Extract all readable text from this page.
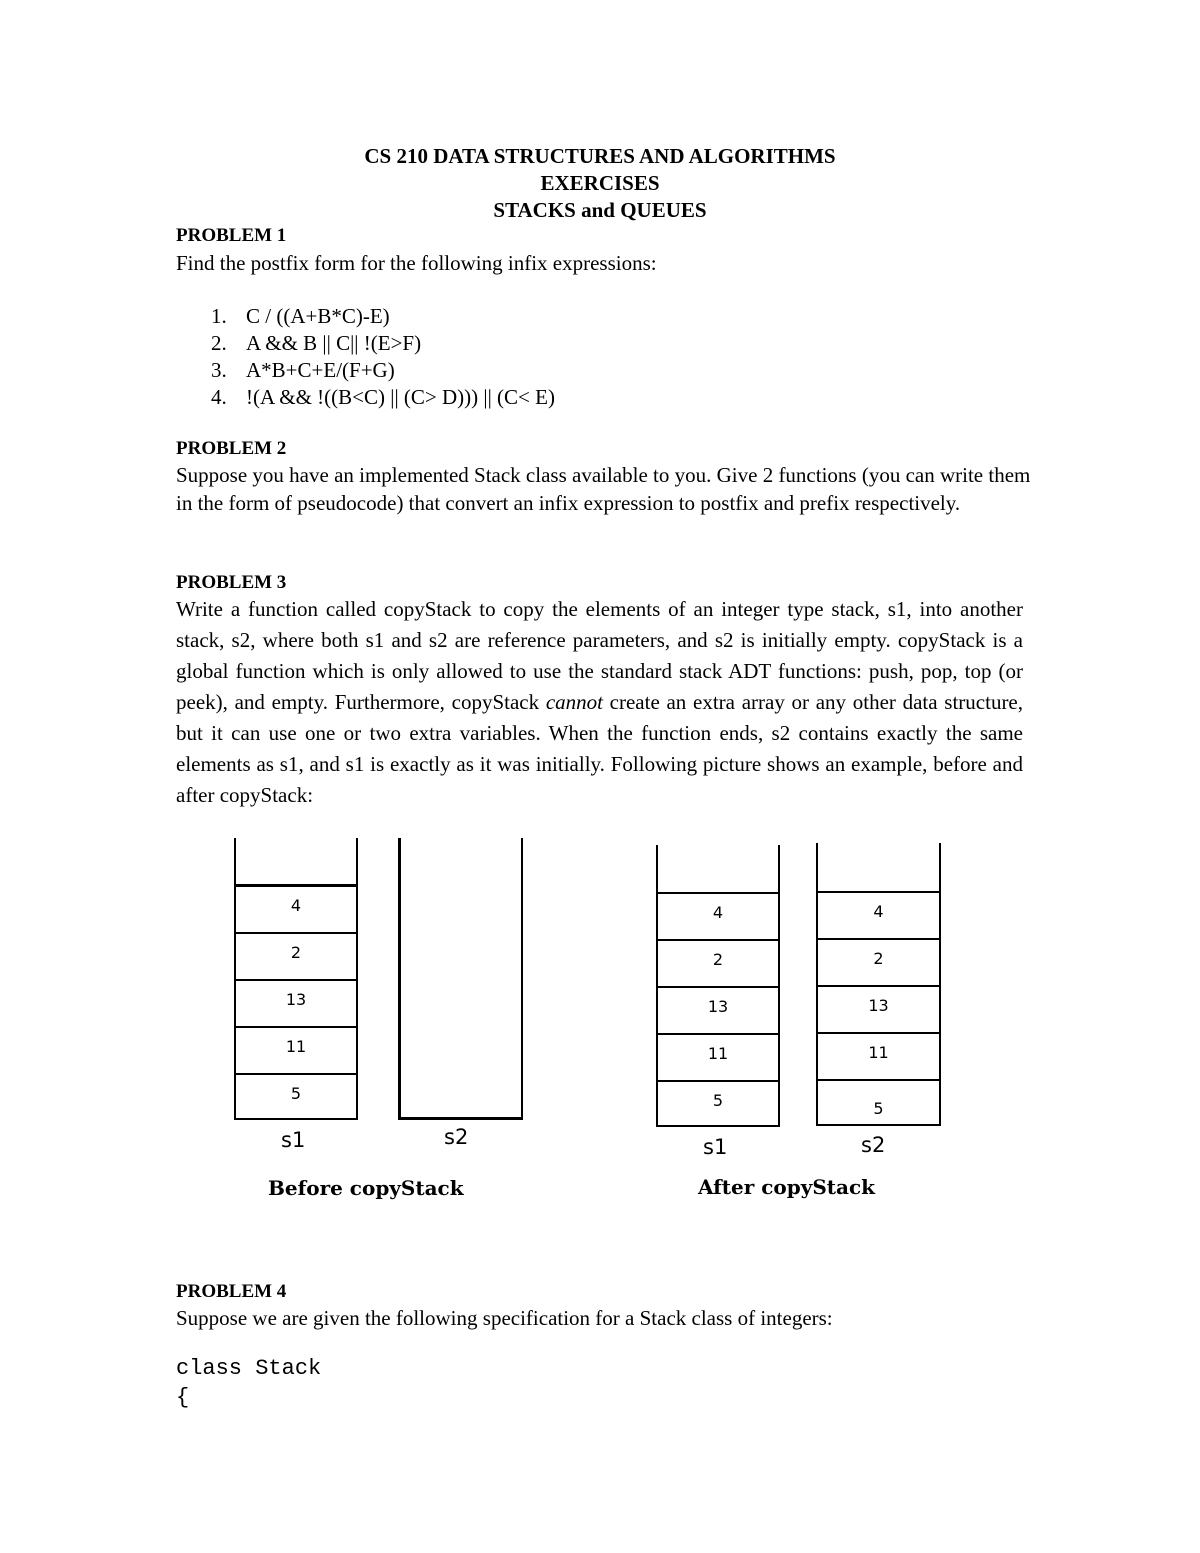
CS 210 DATA STRUCTURES AND ALGORITHMS
EXERCISES
STACKS and QUEUES
PROBLEM 1
Find the postfix form for the following infix expressions:
1. C / ((A+B*C)-E)
2. A && B || C|| !(E>F)
3. A*B+C+E/(F+G)
4. !(A && !((B<C) || (C> D))) || (C< E)
PROBLEM 2
Suppose you have an implemented Stack class available to you. Give 2 functions (you can write them in the form of pseudocode) that convert an infix expression to postfix and prefix respectively.
PROBLEM 3
Write a function called copyStack to copy the elements of an integer type stack, s1, into another stack, s2, where both s1 and s2 are reference parameters, and s2 is initially empty. copyStack is a global function which is only allowed to use the standard stack ADT functions: push, pop, top (or peek), and empty. Furthermore, copyStack cannot create an extra array or any other data structure, but it can use one or two extra variables. When the function ends, s2 contains exactly the same elements as s1, and s1 is exactly as it was initially. Following picture shows an example, before and after copyStack:
4
2
13
11
5
s1	s2
Before copyStack
4
2
13
11
5
4
2
13
11
5
s1	s2
After copyStack
PROBLEM 4
Suppose we are given the following specification for a Stack class of integers:
class Stack
{
